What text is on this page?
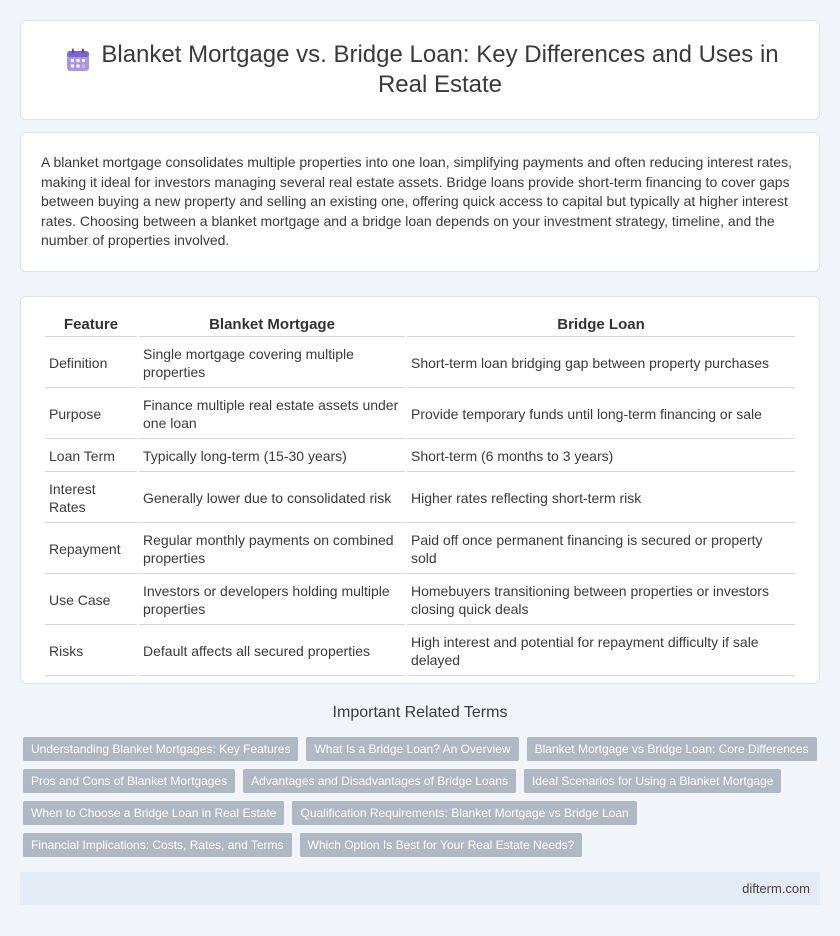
Blanket Mortgage vs. Bridge Loan: Key Differences and Uses in Real Estate

A blanket mortgage consolidates multiple properties into one loan, simplifying payments and often reducing interest rates, making it ideal for investors managing several real estate assets. Bridge loans provide short-term financing to cover gaps between buying a new property and selling an existing one, offering quick access to capital but typically at higher interest rates. Choosing between a blanket mortgage and a bridge loan depends on your investment strategy, timeline, and the number of properties involved.

Feature	Blanket Mortgage	Bridge Loan
Definition	Single mortgage covering multiple properties	Short-term loan bridging gap between property purchases
Purpose	Finance multiple real estate assets under one loan	Provide temporary funds until long-term financing or sale
Loan Term	Typically long-term (15-30 years)	Short-term (6 months to 3 years)
Interest Rates	Generally lower due to consolidated risk	Higher rates reflecting short-term risk
Repayment	Regular monthly payments on combined properties	Paid off once permanent financing is secured or property sold
Use Case	Investors or developers holding multiple properties	Homebuyers transitioning between properties or investors closing quick deals
Risks	Default affects all secured properties	High interest and potential for repayment difficulty if sale delayed
Important Related Terms
Understanding Blanket Mortgages: Key Features	What Is a Bridge Loan? An Overview	Blanket Mortgage vs Bridge Loan: Core Differences
Pros and Cons of Blanket Mortgages	Advantages and Disadvantages of Bridge Loans	Ideal Scenarios for Using a Blanket Mortgage
When to Choose a Bridge Loan in Real Estate	Qualification Requirements: Blanket Mortgage vs Bridge Loan
Financial Implications: Costs, Rates, and Terms	Which Option Is Best for Your Real Estate Needs?
difterm.com
